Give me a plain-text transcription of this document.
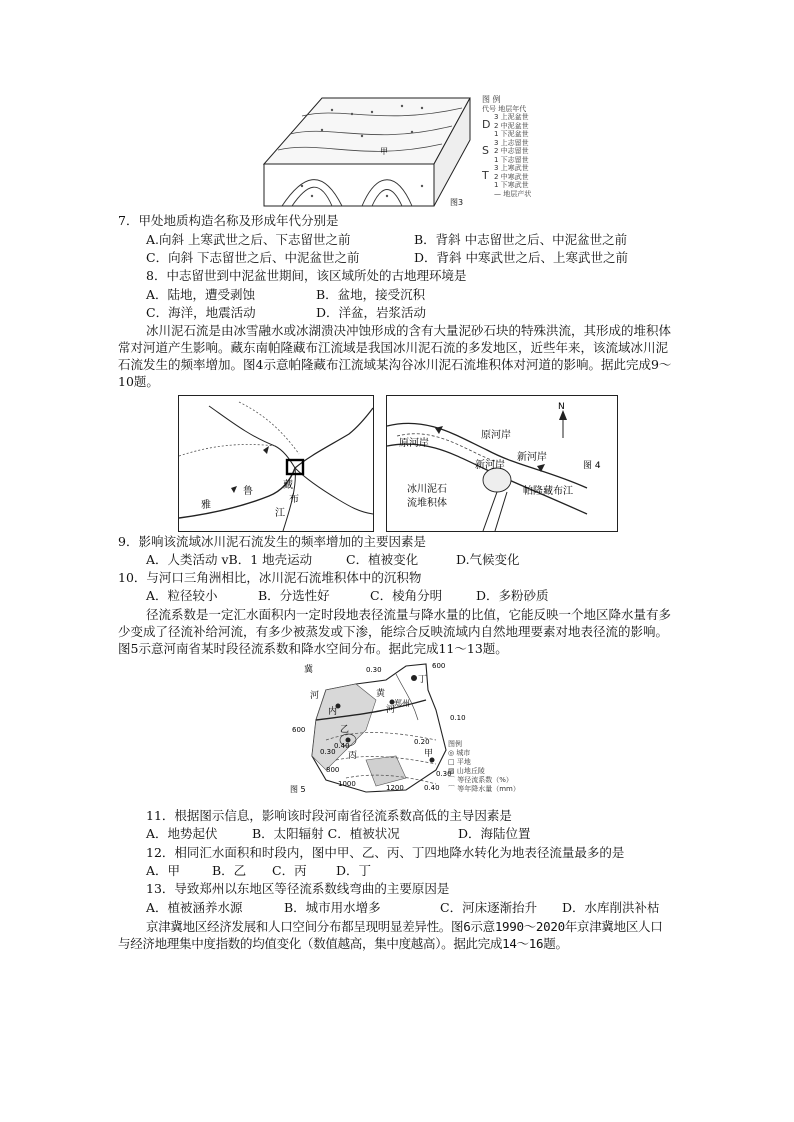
甲
图 例
代号 地层年代
D
3 上泥盆世
2 中泥盆世
1 下泥盆世
S
3 上志留世
2 中志留世
1 下志留世
T
3 上寒武世
2 中寒武世
1 下寒武世
— 地层产状
图3
7．甲处地质构造名称及形成年代分别是
A.向斜 上寒武世之后、下志留世之前	B．背斜 中志留世之后、中泥盆世之前
C．向斜 下志留世之后、中泥盆世之前	D．背斜 中寒武世之后、上寒武世之前
8．中志留世到中泥盆世期间，该区域所处的古地理环境是
A．陆地，遭受剥蚀	B．盆地，接受沉积
C．海洋，地震活动	D．洋盆，岩浆活动
冰川泥石流是由冰雪融水或冰湖溃决冲蚀形成的含有大量泥砂石块的特殊洪流，其形成的堆积体常对河道产生影响。藏东南帕隆藏布江流域是我国冰川泥石流的多发地区，近些年来，该流域冰川泥石流发生的频率增加。图4示意帕隆藏布江流域某沟谷冰川泥石流堆积体对河道的影响。据此完成9～10题。
雅
鲁
藏
布
江
N
原河岸
原河岸
新河岸
新河岸
帕隆藏布江
冰川泥石
流堆积体
图 4
9．影响该流域冰川泥石流发生的频率增加的主要因素是
A．人类活动 vB．1 地壳运动	C．植被变化	D.气候变化
10．与河口三角洲相比，冰川泥石流堆积体中的沉积物
A．粒径较小	B．分选性好	C．棱角分明	D．多粉砂质
径流系数是一定汇水面积内一定时段地表径流量与降水量的比值，它能反映一个地区降水量有多少变成了径流补给河流，有多少被蒸发或下渗，能综合反映流域内自然地理要素对地表径流的影响。图5示意河南省某时段径流系数和降水空间分布。据此完成11～13题。
冀
河
内
乙
丙	甲
丁
黄
河
郑州
0.30	600
600
0.10
0.20
0.30
0.40
800
1000	1200
0.30
0.40
图 5
图例
◎ 城市
□ 平地
▨ 山地丘陵
⌒ 等径流系数（%）
⌒ 等年降水量（mm）
11．根据图示信息，影响该时段河南省径流系数高低的主导因素是
A．地势起伏	B．太阳辐射 C．植被状况	D．海陆位置
12．相同汇水面积和时段内，图中甲、乙、丙、丁四地降水转化为地表径流量最多的是
A．甲	B．乙 C．丙 D．丁
13．导致郑州以东地区等径流系数线弯曲的主要原因是
A．植被涵养水源	B．城市用水增多	C．河床逐渐抬升 D．水库削洪补枯
京津冀地区经济发展和人口空间分布都呈现明显差异性。图6示意1990～2020年京津冀地区人口与经济地理集中度指数的均值变化（数值越高，集中度越高）。据此完成14～16题。
